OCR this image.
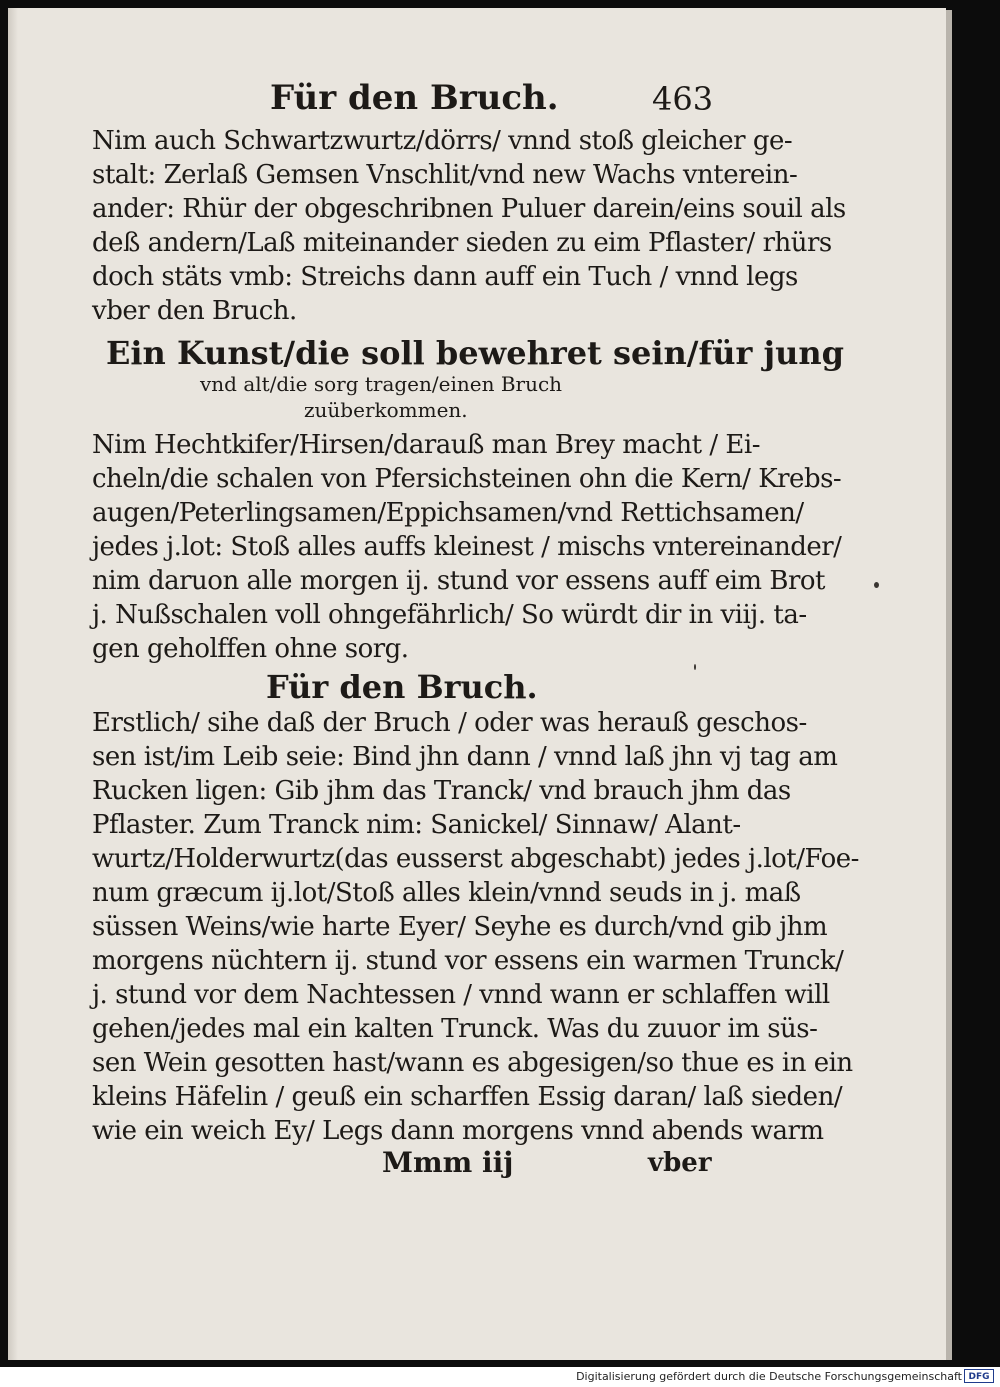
Für den Bruch.	463
Nim auch Schwartzwurtz/dörrs/ vnnd stoß gleicher ge-
stalt: Zerlaß Gemsen Vnschlit/vnd new Wachs vnterein-
ander: Rhür der obgeschribnen Puluer darein/eins souil als
deß andern/Laß miteinander sieden zu eim Pflaster/ rhürs
doch stäts vmb: Streichs dann auff ein Tuch / vnnd legs
vber den Bruch.
Ein Kunst/die soll bewehret sein/für jung
vnd alt/die sorg tragen/einen Bruch
zuüberkommen.
Nim Hechtkifer/Hirsen/darauß man Brey macht / Ei-
cheln/die schalen von Pfersichsteinen ohn die Kern/ Krebs-
augen/Peterlingsamen/Eppichsamen/vnd Rettichsamen/
jedes j.lot: Stoß alles auffs kleinest / mischs vntereinander/
nim daruon alle morgen ij. stund vor essens auff eim Brot
j. Nußschalen voll ohngefährlich/ So würdt dir in viij. ta-
gen geholffen ohne sorg.
Für den Bruch.
Erstlich/ sihe daß der Bruch / oder was herauß geschos-
sen ist/im Leib seie: Bind jhn dann / vnnd laß jhn vj tag am
Rucken ligen: Gib jhm das Tranck/ vnd brauch jhm das
Pflaster. Zum Tranck nim: Sanickel/ Sinnaw/ Alant-
wurtz/Holderwurtz(das eusserst abgeschabt) jedes j.lot/Foe-
num græcum ij.lot/Stoß alles klein/vnnd seuds in j. maß
süssen Weins/wie harte Eyer/ Seyhe es durch/vnd gib jhm
morgens nüchtern ij. stund vor essens ein warmen Trunck/
j. stund vor dem Nachtessen / vnnd wann er schlaffen will
gehen/jedes mal ein kalten Trunck. Was du zuuor im süs-
sen Wein gesotten hast/wann es abgesigen/so thue es in ein
kleins Häfelin / geuß ein scharffen Essig daran/ laß sieden/
wie ein weich Ey/ Legs dann morgens vnnd abends warm
Mmm iij	vber
Digitalisierung gefördert durch die Deutsche Forschungsgemeinschaft DFG
